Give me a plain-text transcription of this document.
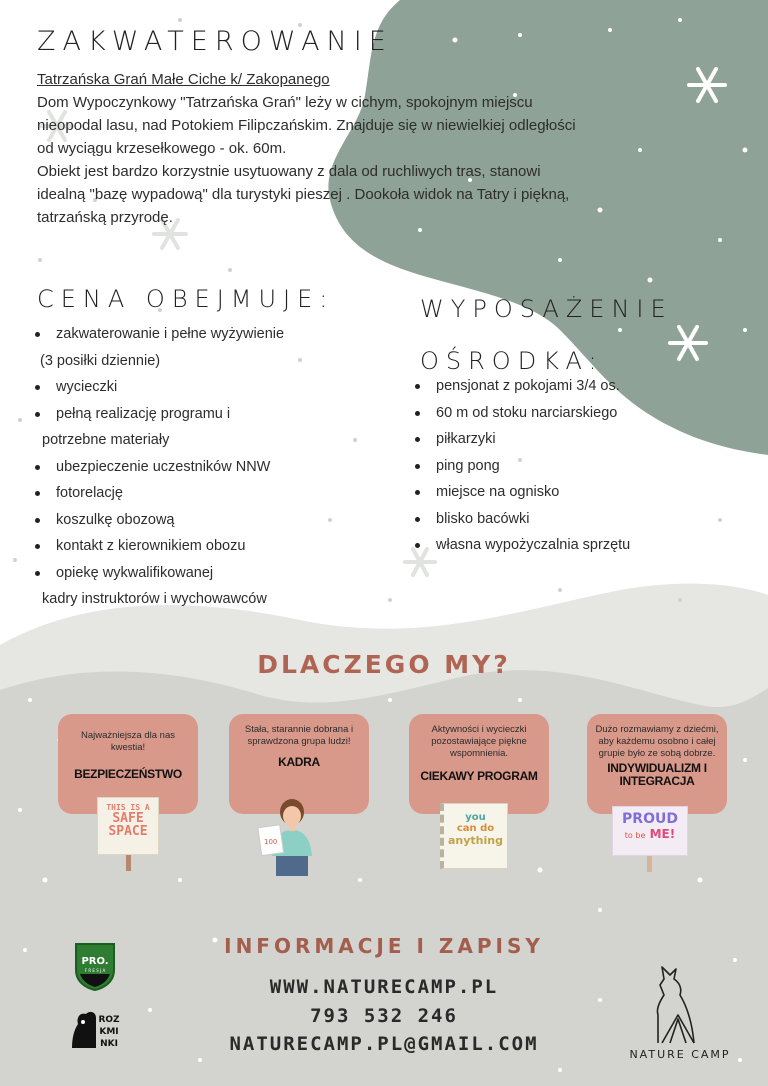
ZAKWATEROWANIE
Tatrzańska Grań Małe Ciche k/ Zakopanego
Dom Wypoczynkowy "Tatrzańska Grań" leży w cichym, spokojnym miejscu
nieopodal lasu, nad Potokiem Filipczańskim. Znajduje się w niewielkiej odległości
od wyciągu krzesełkowego - ok. 60m.
Obiekt jest bardzo korzystnie usytuowany z dala od ruchliwych tras, stanowi
idealną "bazę wypadową" dla turystyki pieszej . Dookoła widok na Tatry i piękną,
tatrzańską przyrodę.
CENA OBEJMUJE:
zakwaterowanie i pełne wyżywienie
(3 posiłki dziennie)
wycieczki
pełną realizację programu i
potrzebne materiały
ubezpieczenie uczestników NNW
fotorelację
koszulkę obozową
kontakt z kierownikiem obozu
opiekę wykwalifikowanej
kadry instruktorów i wychowawców
WYPOSAŻENIE
OŚRODKA:
pensjonat z pokojami 3/4 os.
60 m od stoku narciarskiego
piłkarzyki
ping pong
miejsce na ognisko
blisko bacówki
własna wypożyczalnia sprzętu
DLACZEGO MY?
Najważniejsza dla nas kwestia!
BEZPIECZEŃSTWO
Stała, starannie dobrana i sprawdzona grupa ludzi!
KADRA
Aktywności i wycieczki pozostawiające piękne wspomnienia.
CIEKAWY PROGRAM
Dużo rozmawiamy z dziećmi, aby każdemu osobno i całej grupie było ze sobą dobrze.
INDYWIDUALIZM I INTEGRACJA
THIS IS A
SAFE
SPACE
100
you
can do
anything
PROUD
to be ME!
INFORMACJE I ZAPISY
WWW.NATURECAMP.PL
793 532 246
NATURECAMP.PL@GMAIL.COM
PRO.
F R E S J A
ROZ
KMI
NKI
NATURE CAMP
